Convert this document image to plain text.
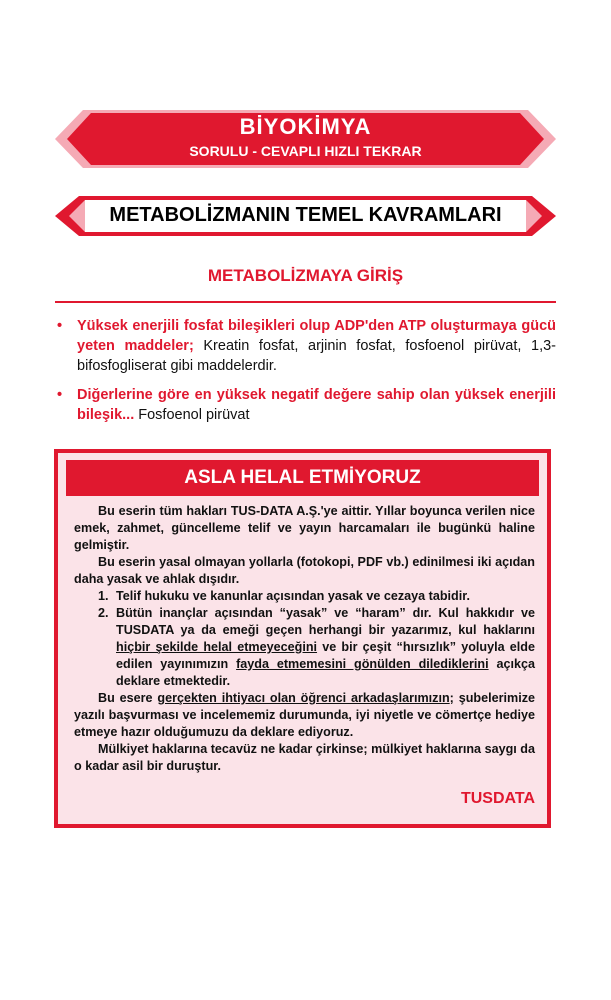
BİYOKİMYA
SORULU - CEVAPLI HIZLI TEKRAR
METABOLİZMANIN TEMEL KAVRAMLARI
METABOLİZMAYA GİRİŞ
• Yüksek enerjili fosfat bileşikleri olup ADP'den ATP oluşturmaya gücü yeten maddeler; Kreatin fosfat, arjinin fosfat, fosfoenol pirüvat, 1,3-bifosfogliserat gibi maddelerdir.
• Diğerlerine göre en yüksek negatif değere sahip olan yüksek enerjili bileşik... Fosfoenol pirüvat
ASLA HELAL ETMİYORUZ

Bu eserin tüm hakları TUS-DATA A.Ş.'ye aittir. Yıllar boyunca verilen nice emek, zahmet, güncelleme telif ve yayın harcamaları ile bugünkü haline gelmiştir.

Bu eserin yasal olmayan yollarla (fotokopi, PDF vb.) edinilmesi iki açıdan daha yasak ve ahlak dışıdır.

1. Telif hukuku ve kanunlar açısından yasak ve cezaya tabidir.
2. Bütün inançlar açısından “yasak” ve “haram” dır. Kul hakkıdır ve TUSDATA ya da emeği geçen herhangi bir yazarımız, kul haklarını hiçbir şekilde helal etmeyeceğini ve bir çeşit “hırsızlık” yoluyla elde edilen yayınımızın fayda etmemesini gönülden dilediklerini açıkça deklare etmektedir.

Bu esere gerçekten ihtiyacı olan öğrenci arkadaşlarımızın; şubelerimize yazılı başvurması ve incelememiz durumunda, iyi niyetle ve cömertçe hediye etmeye hazır olduğumuzu da deklare ediyoruz.

Mülkiyet haklarına tecavüz ne kadar çirkinse; mülkiyet haklarına saygı da o kadar asil bir duruştur.

TUSDATA
